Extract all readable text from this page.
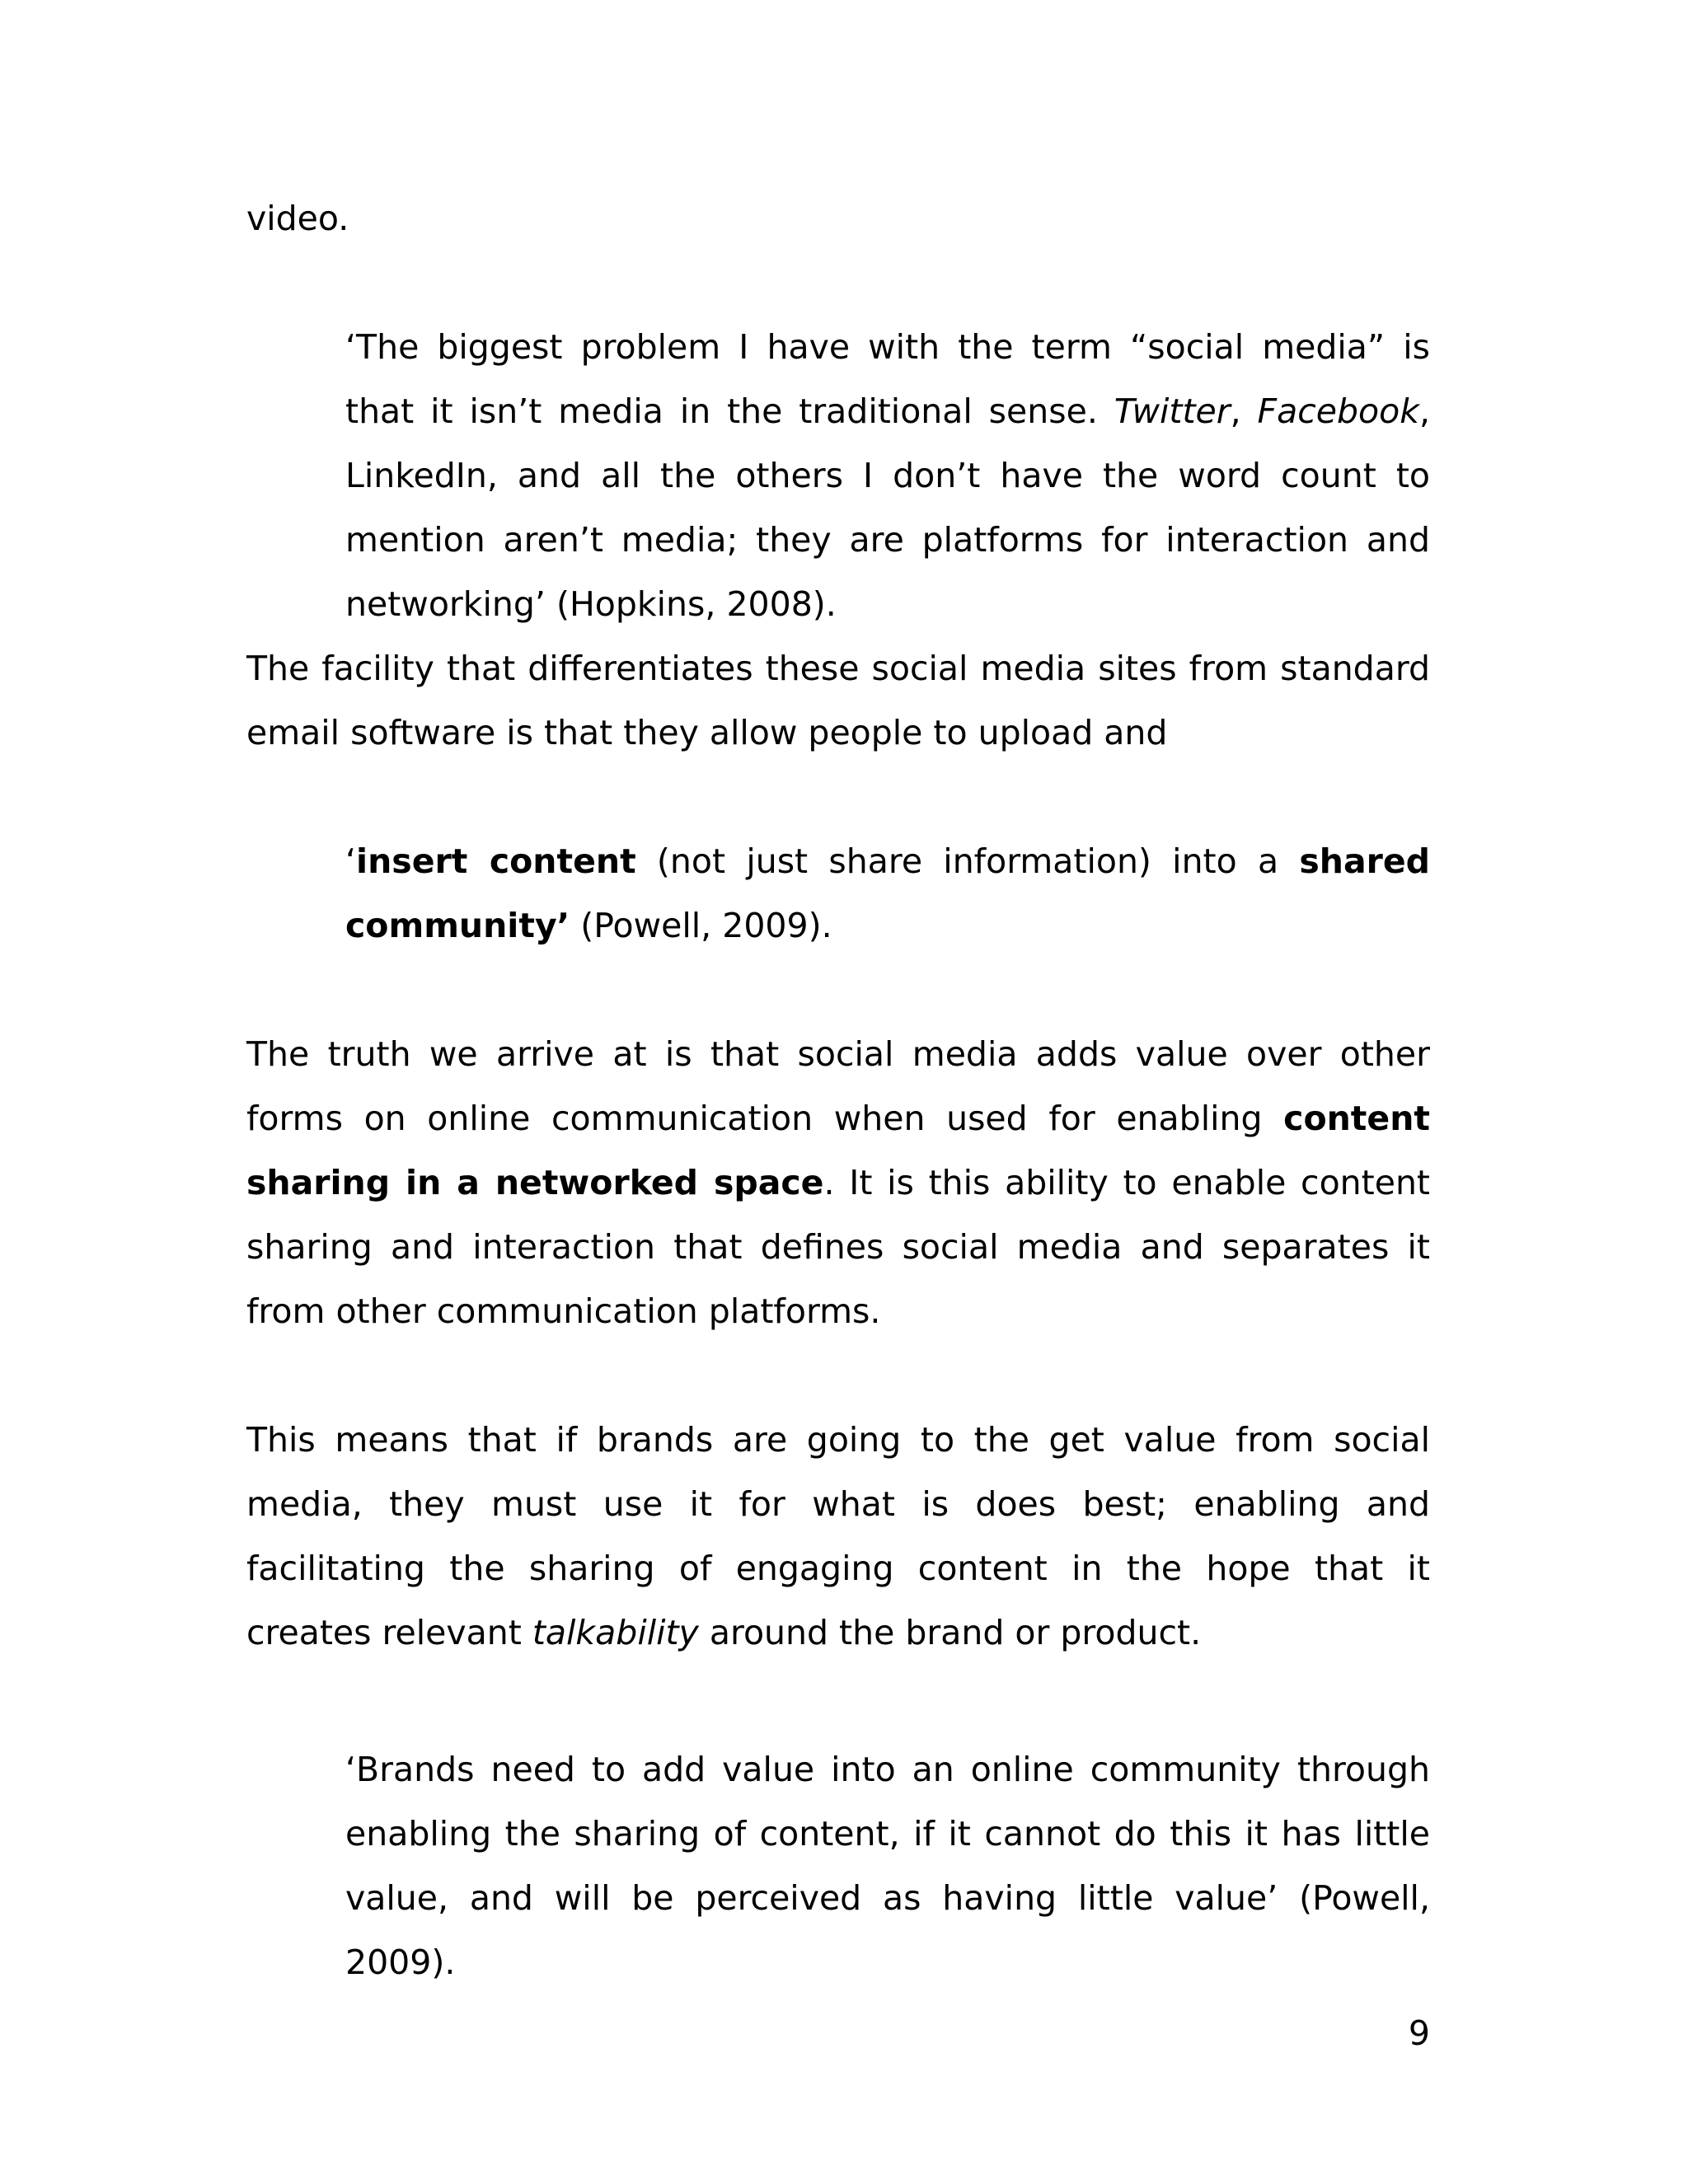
video.

‘The biggest problem I have with the term “social media” is that it isn’t media in the traditional sense. Twitter, Facebook, LinkedIn, and all the others I don’t have the word count to mention aren’t media; they are platforms for interaction and networking’ (Hopkins, 2008).

The facility that differentiates these social media sites from standard email software is that they allow people to upload and

‘insert content (not just share information) into a shared community’ (Powell, 2009).

The truth we arrive at is that social media adds value over other forms on online communication when used for enabling content sharing in a networked space. It is this ability to enable content sharing and interaction that defines social media and separates it from other communication platforms.

This means that if brands are going to the get value from social media, they must use it for what is does best; enabling and facilitating the sharing of engaging content in the hope that it creates relevant talkability around the brand or product.

‘Brands need to add value into an online community through enabling the sharing of content, if it cannot do this it has little value, and will be perceived as having little value’ (Powell, 2009).

9
